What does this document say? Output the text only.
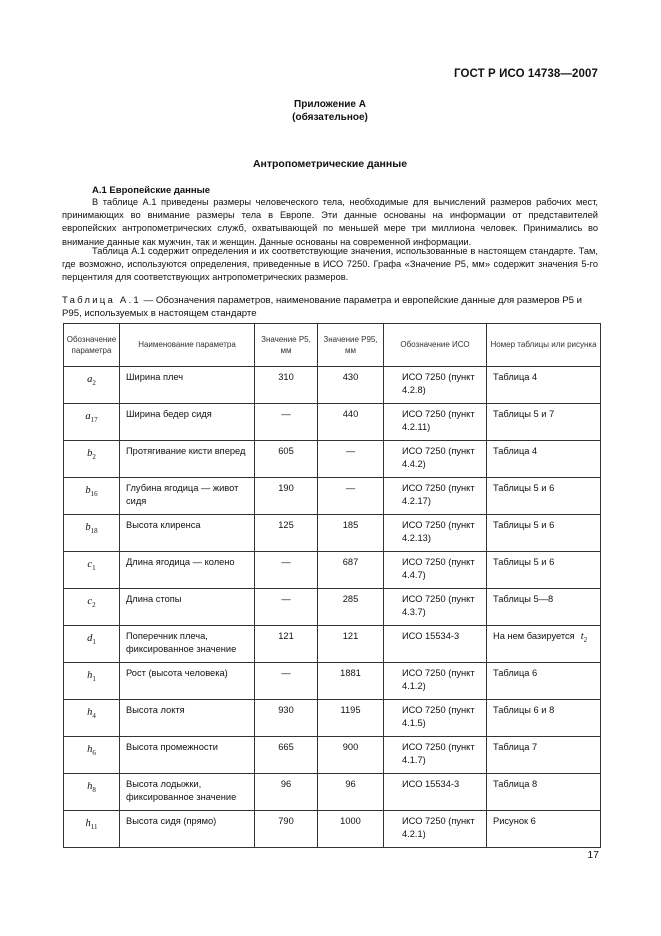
ГОСТ Р ИСО 14738—2007
Приложение А
(обязательное)
Антропометрические данные
А.1 Европейские данные
В таблице А.1 приведены размеры человеческого тела, необходимые для вычислений размеров рабочих мест, принимающих во внимание размеры тела в Европе. Эти данные основаны на информации от представителей европейских антропометрических служб, охватывающей по меньшей мере три миллиона человек. Принимались во внимание данные как мужчин, так и женщин. Данные основаны на современной информации.
Таблица А.1 содержит определения и их соответствующие значения, использованные в настоящем стандарте. Там, где возможно, используются определения, приведенные в ИСО 7250. Графа «Значение Р5, мм» содержит значения 5-го перцентиля для соответствующих антропометрических размеров.
Таблица А.1 — Обозначения параметров, наименование параметра и европейские данные для размеров Р5 и Р95, используемых в настоящем стандарте
Обозначение параметра	Наименование параметра	Значение Р5, мм	Значение Р95, мм	Обозначение ИСО	Номер таблицы или рисунка
$a_2$	Ширина плеч	310	430	ИСО 7250 (пункт 4.2.8)	Таблица 4
$a_{17}$	Ширина бедер сидя	—	440	ИСО 7250 (пункт 4.2.11)	Таблицы 5 и 7
$b_2$	Протягивание кисти вперед	605	—	ИСО 7250 (пункт 4.4.2)	Таблица 4
$b_{16}$	Глубина ягодица — живот сидя	190	—	ИСО 7250 (пункт 4.2.17)	Таблицы 5 и 6
$b_{18}$	Высота клиренса	125	185	ИСО 7250 (пункт 4.2.13)	Таблицы 5 и 6
$c_1$	Длина ягодица — колено	—	687	ИСО 7250 (пункт 4.4.7)	Таблицы 5 и 6
$c_2$	Длина стопы	—	285	ИСО 7250 (пункт 4.3.7)	Таблицы 5—8
$d_1$	Поперечник плеча, фиксированное значение	121	121	ИСО 15534-3	На нем базируется $t_2$
$h_1$	Рост (высота человека)	—	1881	ИСО 7250 (пункт 4.1.2)	Таблица 6
$h_4$	Высота локтя	930	1195	ИСО 7250 (пункт 4.1.5)	Таблицы 6 и 8
$h_6$	Высота промежности	665	900	ИСО 7250 (пункт 4.1.7)	Таблица 7
$h_8$	Высота лодыжки, фиксированное значение	96	96	ИСО 15534-3	Таблица 8
$h_{11}$	Высота сидя (прямо)	790	1000	ИСО 7250 (пункт 4.2.1)	Рисунок 6
17
